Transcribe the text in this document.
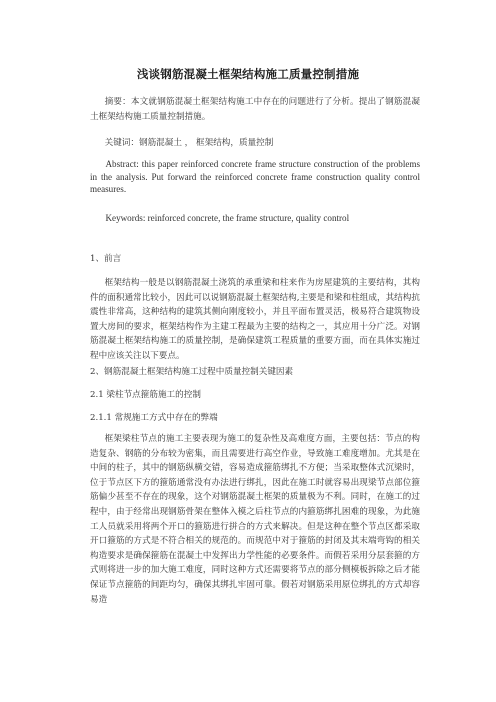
浅谈钢筋混凝土框架结构施工质量控制措施

摘要：本文就钢筋混凝土框架结构施工中存在的问题进行了分析。提出了钢筋混凝土框架结构施工质量控制措施。

关键词：钢筋混凝土 ， 框架结构，质量控制

Abstract: this paper reinforced concrete frame structure construction of the problems in the analysis. Put forward the reinforced concrete frame construction quality control measures.

Keywords: reinforced concrete, the frame structure, quality control

1、前言

框架结构一般是以钢筋混凝土浇筑的承重梁和柱来作为房屋建筑的主要结构，其构件的面积通常比较小，因此可以说钢筋混凝土框架结构,主要是和梁和柱组成，其结构抗震性非常高，这种结构的建筑其侧向刚度较小，并且平面布置灵活，极易符合建筑物设置大房间的要求，框架结构作为主建工程最为主要的结构之一，其应用十分广泛。对钢筋混凝土框架结构施工的质量控制，是确保建筑工程质量的重要方面，而在具体实施过程中应该关注以下要点。

2、钢筋混凝土框架结构施工过程中质量控制关键因素

2.1 梁柱节点箍筋施工的控制

2.1.1 常规施工方式中存在的弊端

框架梁柱节点的施工主要表现为施工的复杂性及高难度方面，主要包括：节点的构造复杂、钢筋的分布较为密集，而且需要进行高空作业，导致施工难度增加。尤其是在中间的柱子，其中的钢筋纵横交错，容易造成箍筋绑扎不方便；当采取整体式沉梁时，位于节点区下方的箍筋通常没有办法进行绑扎，因此在施工时就容易出现梁节点部位箍筋偏少甚至不存在的现象，这个对钢筋混凝土框架的质量极为不利。同时，在施工的过程中，由于经常出现钢筋骨架在整体入模之后柱节点的内箍筋绑扎困难的现象，为此施工人员就采用将两个开口的箍筋进行拼合的方式来解决。但是这种在整个节点区都采取开口箍筋的方式是不符合相关的规范的。而规范中对于箍筋的封闭及其末端弯钩的相关构造要求是确保箍筋在混凝土中发挥出力学性能的必要条件。而假若采用分层套箍的方式则将进一步的加大施工难度，同时这种方式还需要将节点的部分侧模板拆除之后才能保证节点箍筋的间距均匀，确保其绑扎牢固可靠。假若对钢筋采用原位绑扎的方式却容易造
